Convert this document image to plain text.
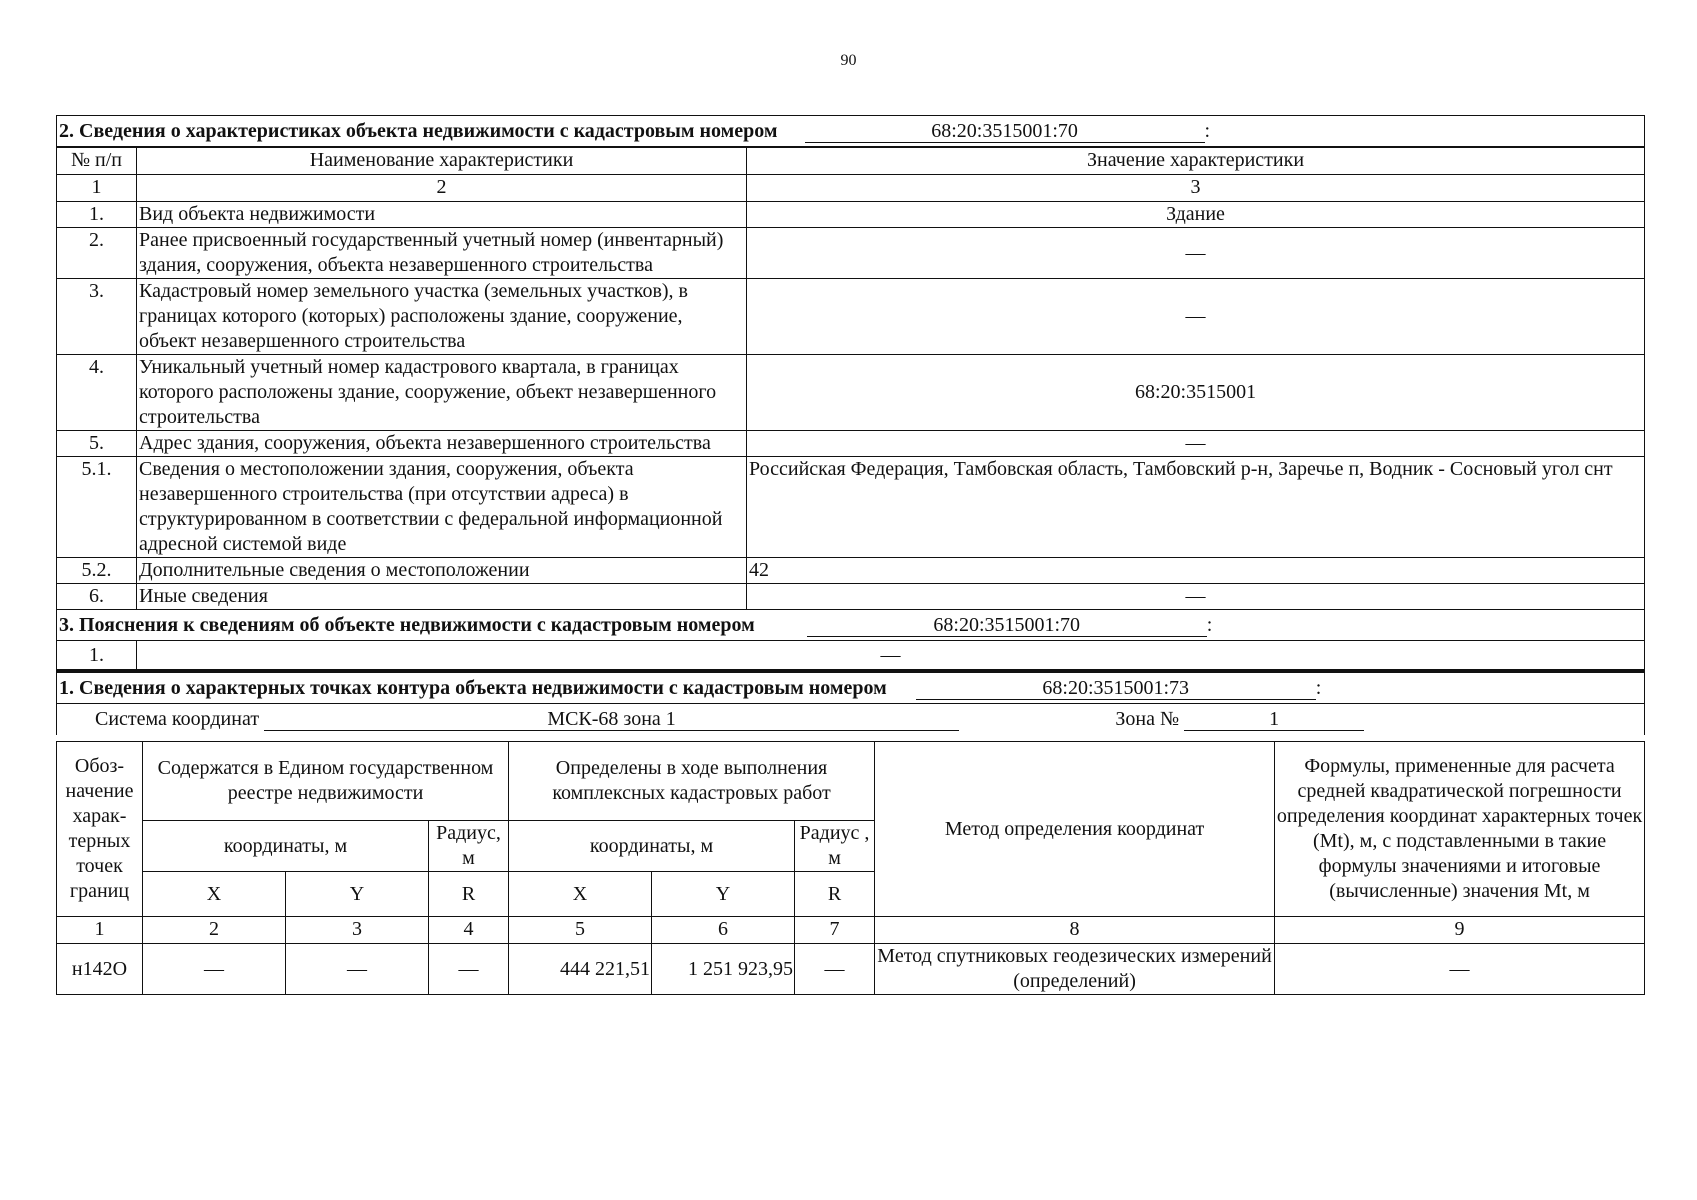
90
2. Сведения о характеристиках объекта недвижимости с кадастровым номером 68:20:3515001:70 :		
№ п/п	Наименование характеристики	Значение характеристики
1	2	3
1.	Вид объекта недвижимости	Здание
2.	Ранее присвоенный государственный учетный номер (инвентарный) здания, сооружения, объекта незавершенного строительства	—
3.	Кадастровый номер земельного участка (земельных участков), в границах которого (которых) расположены здание, сооружение, объект незавершенного строительства	—
4.	Уникальный учетный номер кадастрового квартала, в границах которого расположены здание, сооружение, объект незавершенного строительства	68:20:3515001
5.	Адрес здания, сооружения, объекта незавершенного строительства	—
5.1.	Сведения о местоположении здания, сооружения, объекта незавершенного строительства (при отсутствии адреса) в структурированном в соответствии с федеральной информационной адресной системой виде	Российская Федерация, Тамбовская область, Тамбовский р-н, Заречье п, Водник - Сосновый угол снт
5.2.	Дополнительные сведения о местоположении	42
6.	Иные сведения	—
3. Пояснения к сведениям об объекте недвижимости с кадастровым номером 68:20:3515001:70 :		
1.	—	
1. Сведения о характерных точках контура объекта недвижимости с кадастровым номером 68:20:3515001:73 :		
Система координат МСК-68 зона 1 Зона № 1		
Обоз-начение харак-терных точек границ	Содержатся в Едином государственном реестре недвижимости			Определены в ходе выполнения комплексных кадастровых работ			Метод определения координат	Формулы, примененные для расчета средней квадратической погрешности определения координат характерных точек (Mt), м, с подставленными в такие формулы значениями и итоговые (вычисленные) значения Mt, м
	координаты, м		Радиус, м	координаты, м		Радиус , м		
	X	Y	R	X	Y	R		
1	2	3	4	5	6	7	8	9
н142О	—	—	—	444 221,51	1 251 923,95	—	Метод спутниковых геодезических измерений (определений)	—
